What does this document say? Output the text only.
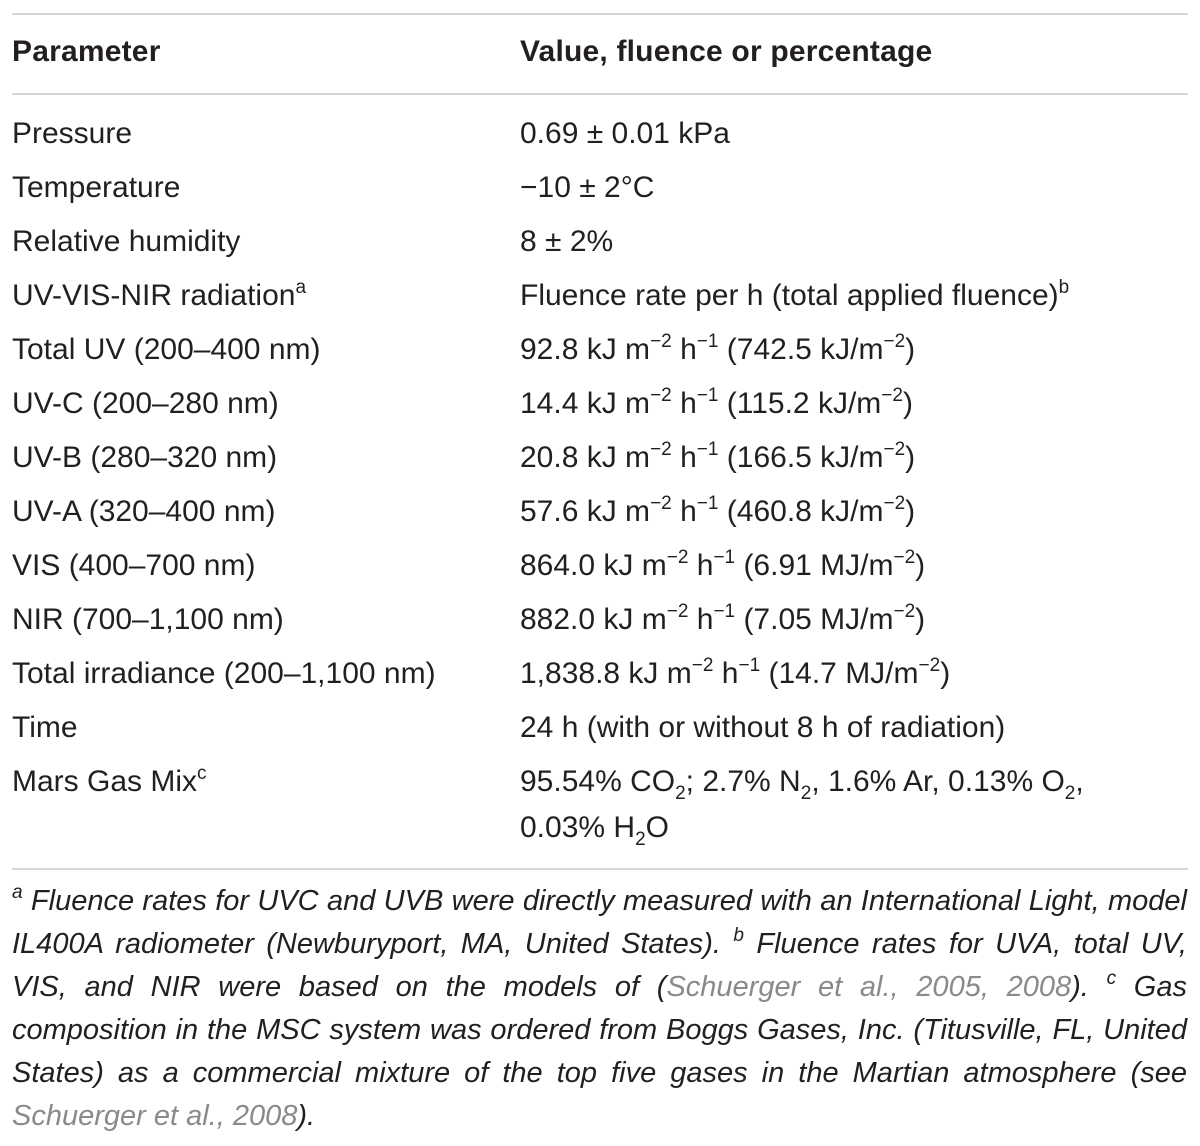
Parameter	Value, fluence or percentage
Pressure	0.69 ± 0.01 kPa
Temperature	−10 ± 2°C
Relative humidity	8 ± 2%
UV-VIS-NIR radiation$^a$	Fluence rate per h (total applied fluence)$^b$
Total UV (200–400 nm)	92.8 kJ $m^{-2}$ $h^{-1}$ (742.5 $kJ/m^{-2}$)
UV-C (200–280 nm)	14.4 kJ $m^{-2}$ $h^{-1}$ (115.2 $kJ/m^{-2}$)
UV-B (280–320 nm)	20.8 kJ $m^{-2}$ $h^{-1}$ (166.5 $kJ/m^{-2}$)
UV-A (320–400 nm)	57.6 kJ $m^{-2}$ $h^{-1}$ (460.8 $kJ/m^{-2}$)
VIS (400–700 nm)	864.0 kJ $m^{-2}$ $h^{-1}$ (6.91 $MJ/m^{-2}$)
NIR (700–1,100 nm)	882.0 kJ $m^{-2}$ $h^{-1}$ (7.05 $MJ/m^{-2}$)
Total irradiance (200–1,100 nm)	1,838.8 kJ $m^{-2}$ $h^{-1}$ (14.7 $MJ/m^{-2}$)
Time	24 h (with or without 8 h of radiation)
Mars Gas Mix$^c$	95.54% $CO_2$; 2.7% $N_2$, 1.6% Ar, 0.13% $O_2$,
0.03% $H_2O$
$^a$ Fluence rates for UVC and UVB were directly measured with an International Light, model IL400A radiometer (Newburyport, MA, United States). $^b$ Fluence rates for UVA, total UV, VIS, and NIR were based on the models of (Schuerger et al., 2005, 2008). $^c$ Gas composition in the MSC system was ordered from Boggs Gases, Inc. (Titusville, FL, United States) as a commercial mixture of the top five gases in the Martian atmosphere (see Schuerger et al., 2008).
